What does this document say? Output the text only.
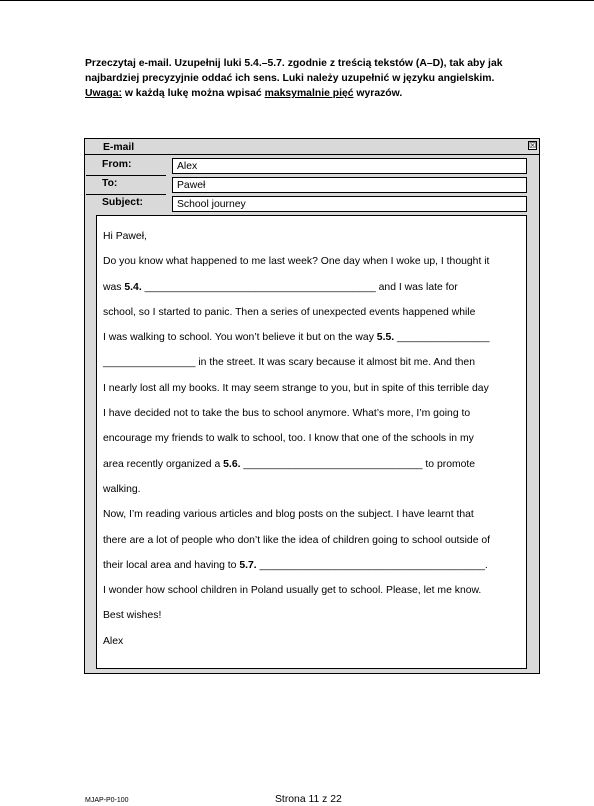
Przeczytaj e-mail. Uzupełnij luki 5.4.–5.7. zgodnie z treścią tekstów (A–D), tak aby jak
najbardziej precyzyjnie oddać ich sens. Luki należy uzupełnić w języku angielskim.
Uwaga: w każdą lukę można wpisać maksymalnie pięć wyrazów.
E-mail	☒
From:
Alex
To:
Paweł
Subject:
School journey
Hi Paweł,
Do you know what happened to me last week? One day when I woke up, I thought it
was 5.4. ________________________________________ and I was late for
school, so I started to panic. Then a series of unexpected events happened while
I was walking to school. You won’t believe it but on the way 5.5. ________________
________________ in the street. It was scary because it almost bit me. And then
I nearly lost all my books. It may seem strange to you, but in spite of this terrible day
I have decided not to take the bus to school anymore. What’s more, I’m going to
encourage my friends to walk to school, too. I know that one of the schools in my
area recently organized a 5.6. _______________________________ to promote
walking.
Now, I’m reading various articles and blog posts on the subject. I have learnt that
there are a lot of people who don’t like the idea of children going to school outside of
their local area and having to 5.7. _______________________________________.
I wonder how school children in Poland usually get to school. Please, let me know.
Best wishes!
Alex
MJAP-P0-100	Strona 11 z 22
